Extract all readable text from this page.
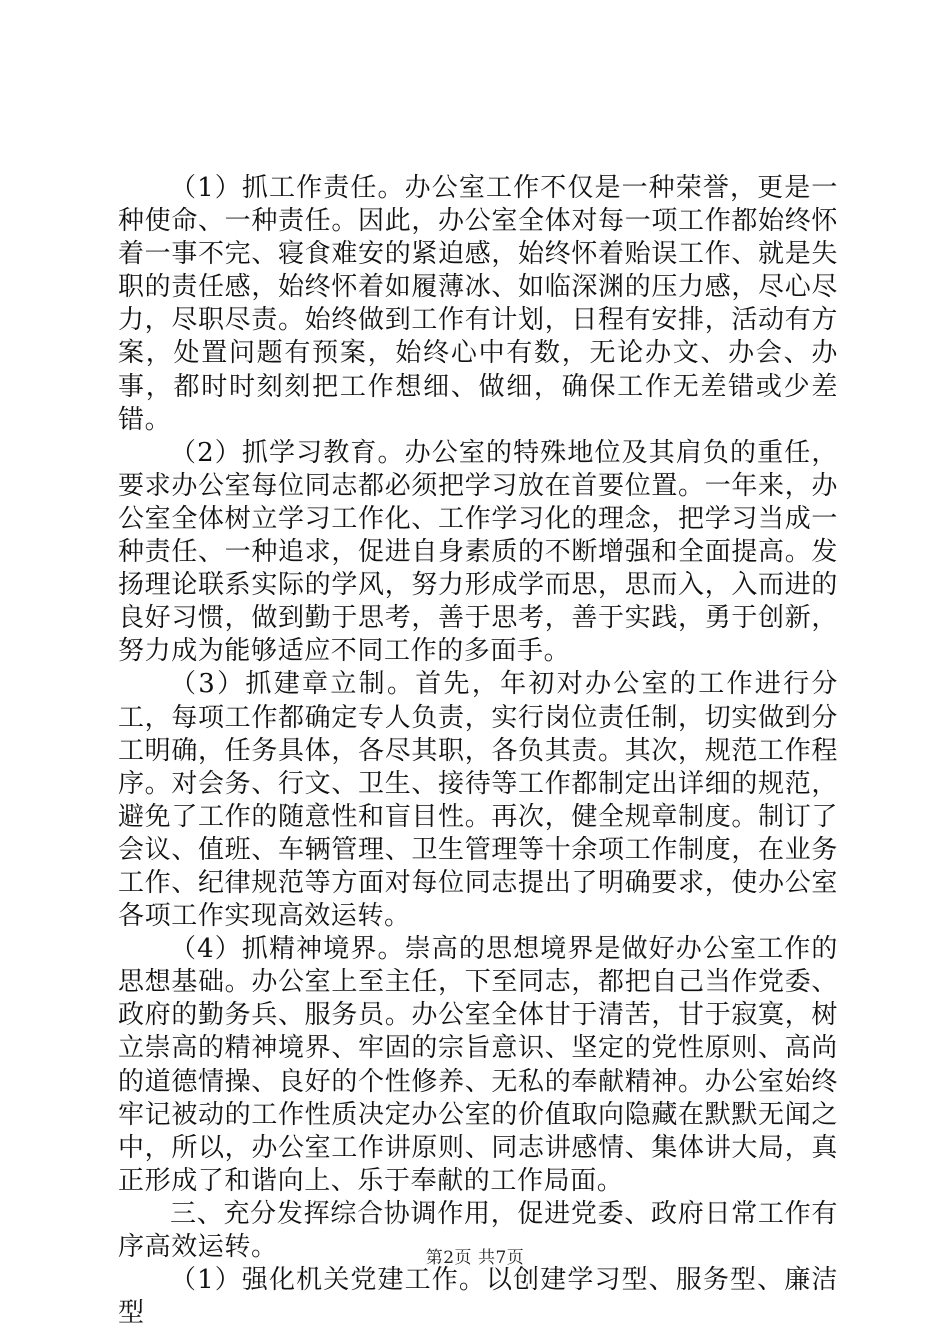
（1）抓工作责任。办公室工作不仅是一种荣誉，更是一种使命、一种责任。因此，办公室全体对每一项工作都始终怀着一事不完、寝食难安的紧迫感，始终怀着贻误工作、就是失职的责任感，始终怀着如履薄冰、如临深渊的压力感，尽心尽力，尽职尽责。始终做到工作有计划，日程有安排，活动有方案，处置问题有预案，始终心中有数，无论办文、办会、办事，都时时刻刻把工作想细、做细，确保工作无差错或少差错。

（2）抓学习教育。办公室的特殊地位及其肩负的重任，要求办公室每位同志都必须把学习放在首要位置。一年来，办公室全体树立学习工作化、工作学习化的理念，把学习当成一种责任、一种追求，促进自身素质的不断增强和全面提高。发扬理论联系实际的学风，努力形成学而思，思而入，入而进的良好习惯，做到勤于思考，善于思考，善于实践，勇于创新，努力成为能够适应不同工作的多面手。

（3）抓建章立制。首先，年初对办公室的工作进行分工，每项工作都确定专人负责，实行岗位责任制，切实做到分工明确，任务具体，各尽其职，各负其责。其次，规范工作程序。对会务、行文、卫生、接待等工作都制定出详细的规范，避免了工作的随意性和盲目性。再次，健全规章制度。制订了会议、值班、车辆管理、卫生管理等十余项工作制度，在业务工作、纪律规范等方面对每位同志提出了明确要求，使办公室各项工作实现高效运转。

（4）抓精神境界。崇高的思想境界是做好办公室工作的思想基础。办公室上至主任，下至同志，都把自己当作党委、政府的勤务兵、服务员。办公室全体甘于清苦，甘于寂寞，树立崇高的精神境界、牢固的宗旨意识、坚定的党性原则、高尚的道德情操、良好的个性修养、无私的奉献精神。办公室始终牢记被动的工作性质决定办公室的价值取向隐藏在默默无闻之中，所以，办公室工作讲原则、同志讲感情、集体讲大局，真正形成了和谐向上、乐于奉献的工作局面。

三、充分发挥综合协调作用，促进党委、政府日常工作有序高效运转。

（1）强化机关党建工作。以创建学习型、服务型、廉洁型

第2页 共7页
